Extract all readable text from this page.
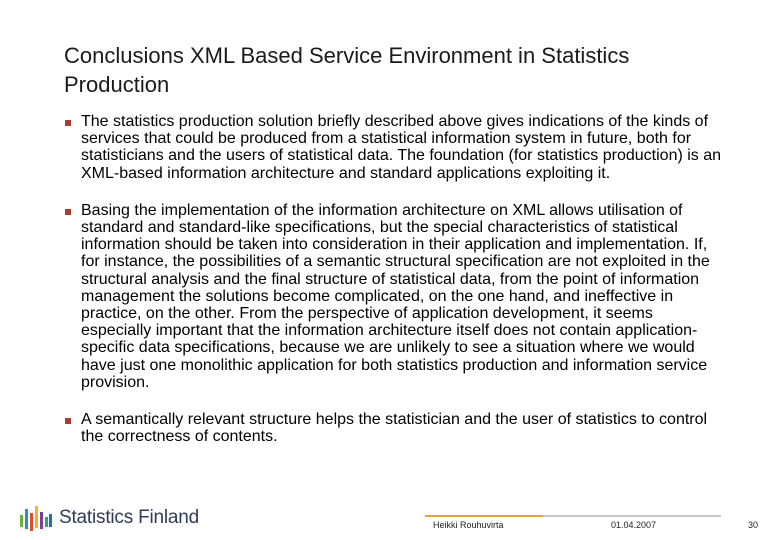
Conclusions XML Based Service Environment in Statistics Production
The statistics production solution briefly described above gives indications of the kinds of services that could be produced from a statistical information system in future, both for statisticians and the users of statistical data. The foundation (for statistics production) is an XML-based information architecture and standard applications exploiting it.
Basing the implementation of the information architecture on XML allows utilisation of standard and standard-like specifications, but the special characteristics of statistical information should be taken into consideration in their application and implementation. If, for instance, the possibilities of a semantic structural specification are not exploited in the structural analysis and the final structure of statistical data, from the point of information management the solutions become complicated, on the one hand, and ineffective in practice, on the other. From the perspective of application development, it seems especially important that the information architecture itself does not contain application-specific data specifications, because we are unlikely to see a situation where we would have just one monolithic application for both statistics production and information service provision.
A semantically relevant structure helps the statistician and the user of statistics to control the correctness of contents.
Statistics Finland	Heikki Rouhuvirta	01.04.2007	30
